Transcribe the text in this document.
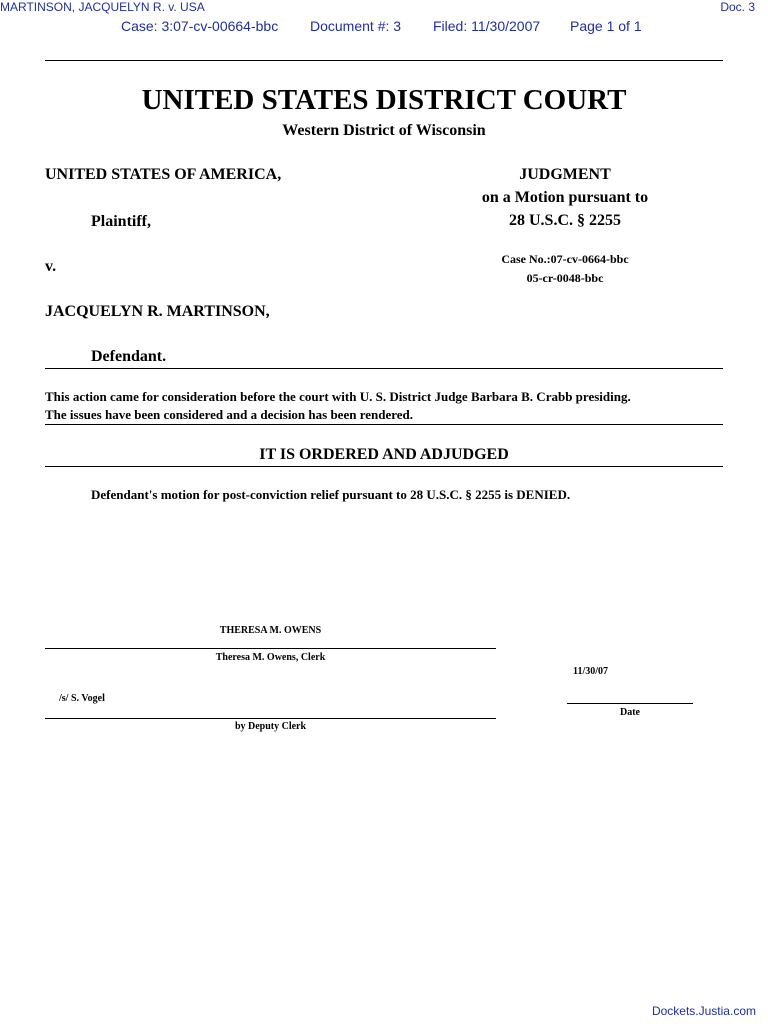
MARTINSON, JACQUELYN R. v. USA	Doc. 3
Case: 3:07-cv-00664-bbc Document #: 3 Filed: 11/30/2007 Page 1 of 1
UNITED STATES DISTRICT COURT
Western District of Wisconsin
UNITED STATES OF AMERICA,
Plaintiff,
v.
JACQUELYN R. MARTINSON,
Defendant.
JUDGMENT
on a Motion pursuant to
28 U.S.C. § 2255
Case No.:07-cv-0664-bbc
05-cr-0048-bbc
This action came for consideration before the court with U. S. District Judge Barbara B. Crabb presiding.
The issues have been considered and a decision has been rendered.
IT IS ORDERED AND ADJUDGED
Defendant's motion for post-conviction relief pursuant to 28 U.S.C. § 2255 is DENIED.
THERESA M. OWENS
Theresa M. Owens, Clerk
11/30/07
/s/ S. Vogel
Date
by Deputy Clerk
Dockets.Justia.com
